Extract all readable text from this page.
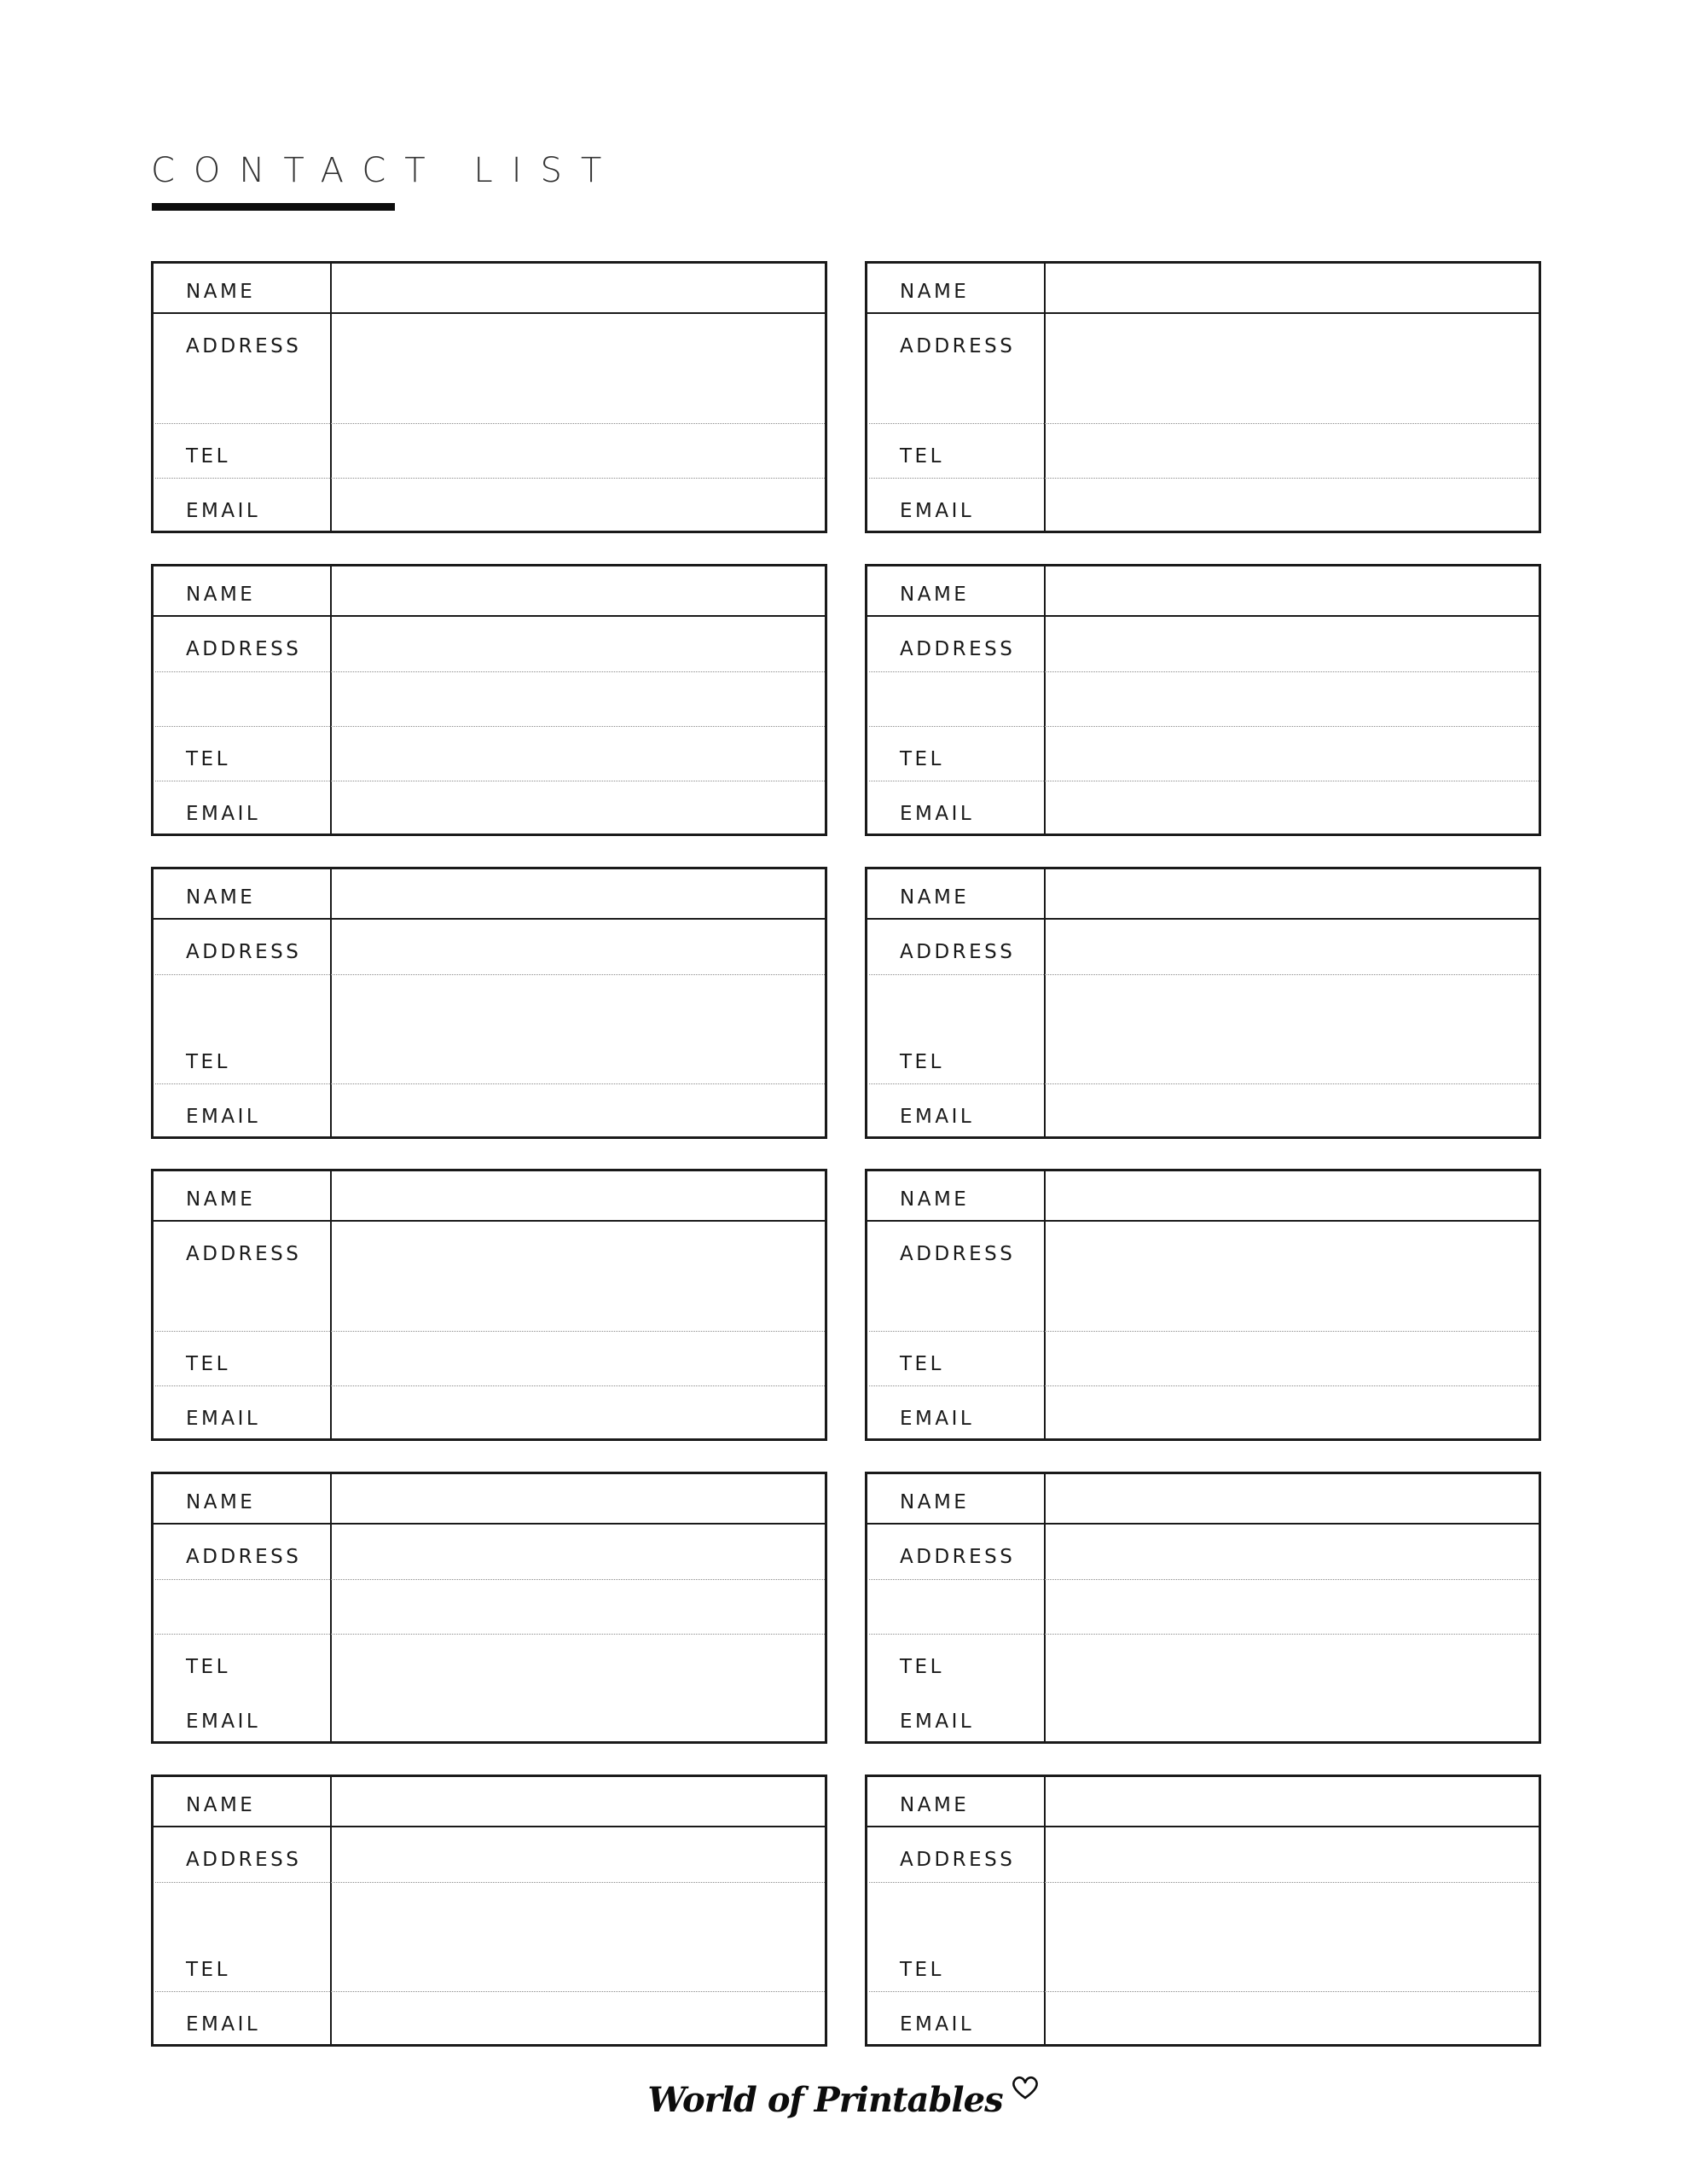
CONTACT LIST
NAME
ADDRESS
TEL
EMAIL
NAME
ADDRESS
TEL
EMAIL
NAME
ADDRESS
TEL
EMAIL
NAME
ADDRESS
TEL
EMAIL
NAME
ADDRESS
TEL
EMAIL
NAME
ADDRESS
TEL
EMAIL
NAME
ADDRESS
TEL
EMAIL
NAME
ADDRESS
TEL
EMAIL
NAME
ADDRESS
TEL
EMAIL
NAME
ADDRESS
TEL
EMAIL
NAME
ADDRESS
TEL
EMAIL
NAME
ADDRESS
TEL
EMAIL
World of Printables
